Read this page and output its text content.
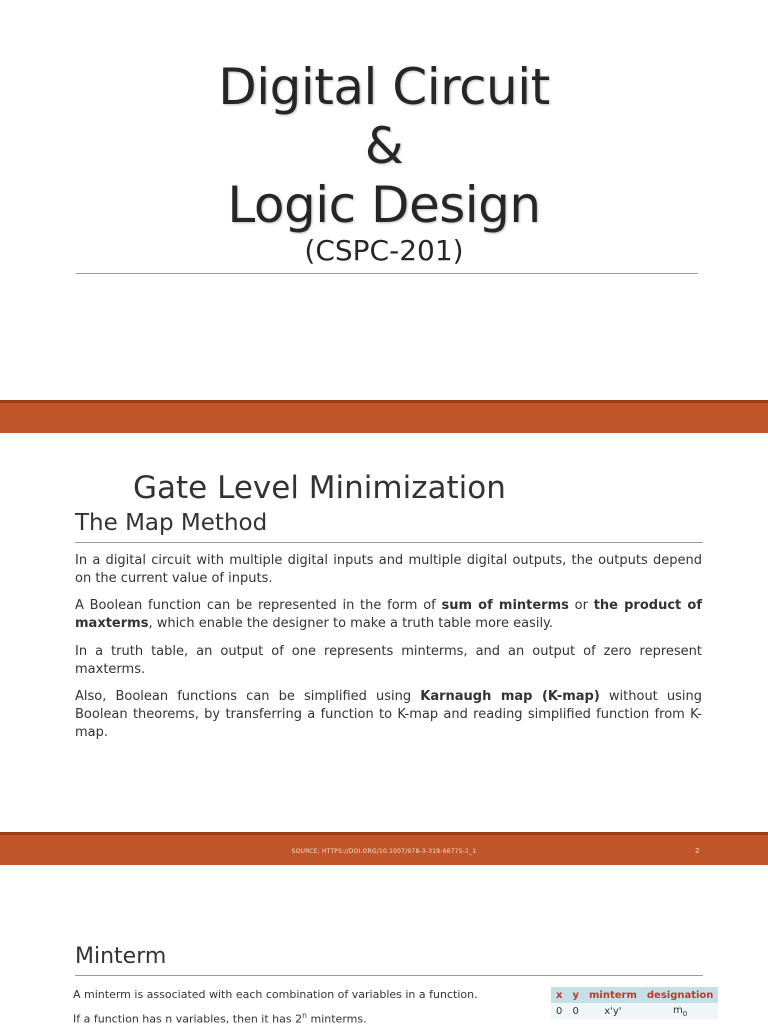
Digital Circuit
&
Logic Design
(CSPC-201)
Gate Level Minimization
The Map Method

In a digital circuit with multiple digital inputs and multiple digital outputs, the outputs depend on the current value of inputs.

A Boolean function can be represented in the form of sum of minterms or the product of maxterms, which enable the designer to make a truth table more easily.

In a truth table, an output of one represents minterms, and an output of zero represent maxterms.

Also, Boolean functions can be simplified using Karnaugh map (K-map) without using Boolean theorems, by transferring a function to K-map and reading simplified function from K-map.

SOURCE: HTTPS://DOI.ORG/10.1007/978-3-319-66775-1_1	2
Minterm

A minterm is associated with each combination of variables in a function.

If a function has n variables, then it has 2$^n$ minterms.

x	y	minterm	designation
0	0	x'y'	$m_0$
